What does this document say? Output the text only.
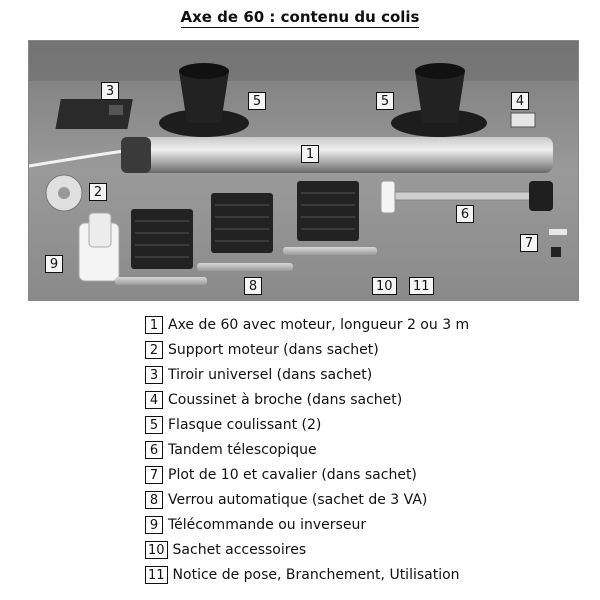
Axe de 60 : contenu du colis
3
5	5	4
1
2
6
7
9
8	10	11
1 Axe de 60 avec moteur, longueur 2 ou 3 m
2 Support moteur (dans sachet)
3 Tiroir universel (dans sachet)
4 Coussinet à broche (dans sachet)
5 Flasque coulissant (2)
6 Tandem télescopique
7 Plot de 10 et cavalier (dans sachet)
8 Verrou automatique (sachet de 3 VA)
9 Télécommande ou inverseur
10 Sachet accessoires
11 Notice de pose, Branchement, Utilisation
